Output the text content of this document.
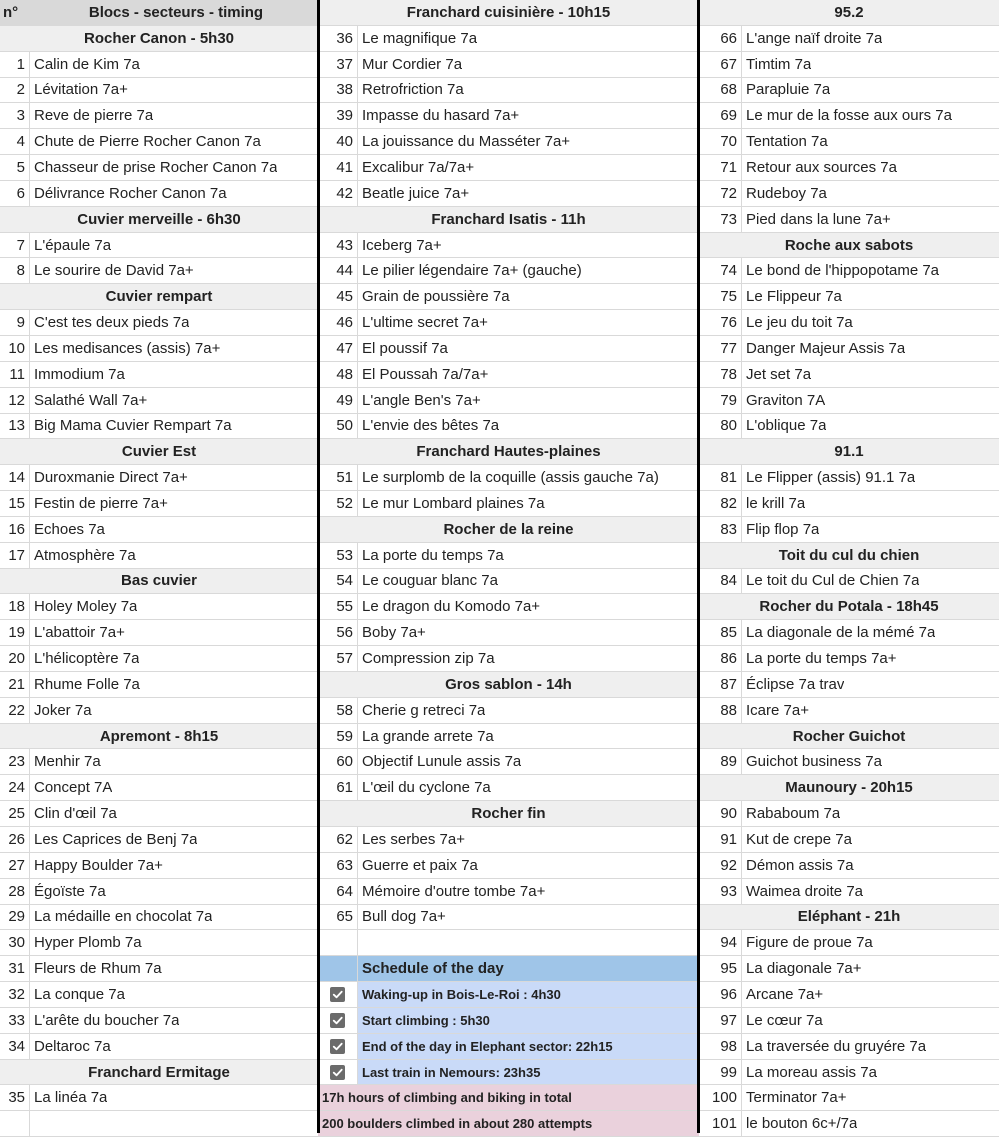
n°	Blocs - secteurs - timing
Rocher Canon - 5h30
1 Calin de Kim 7a
2 Lévitation 7a+
3 Reve de pierre 7a
4 Chute de Pierre Rocher Canon 7a
5 Chasseur de prise Rocher Canon 7a
6 Délivrance Rocher Canon 7a
Cuvier merveille - 6h30
7 L'épaule 7a
8 Le sourire de David 7a+
Cuvier rempart
9 C'est tes deux pieds 7a
10 Les medisances (assis) 7a+
11 Immodium 7a
12 Salathé Wall 7a+
13 Big Mama Cuvier Rempart 7a
Cuvier Est
14 Duroxmanie Direct 7a+
15 Festin de pierre 7a+
16 Echoes 7a
17 Atmosphère 7a
Bas cuvier
18 Holey Moley 7a
19 L'abattoir 7a+
20 L'hélicoptère 7a
21 Rhume Folle 7a
22 Joker 7a
Apremont - 8h15
23 Menhir 7a
24 Concept 7A
25 Clin d'œil 7a
26 Les Caprices de Benj 7a
27 Happy Boulder 7a+
28 Égoïste 7a
29 La médaille en chocolat 7a
30 Hyper Plomb 7a
31 Fleurs de Rhum 7a
32 La conque 7a
33 L'arête du boucher 7a
34 Deltaroc 7a
Franchard Ermitage
35 La linéa 7a
Franchard cuisinière - 10h15
36 Le magnifique 7a
37 Mur Cordier 7a
38 Retrofriction 7a
39 Impasse du hasard 7a+
40 La jouissance du Masséter 7a+
41 Excalibur 7a/7a+
42 Beatle juice 7a+
Franchard Isatis - 11h
43 Iceberg 7a+
44 Le pilier légendaire 7a+ (gauche)
45 Grain de poussière 7a
46 L'ultime secret 7a+
47 El poussif 7a
48 El Poussah 7a/7a+
49 L'angle Ben's 7a+
50 L'envie des bêtes 7a
Franchard Hautes-plaines
51 Le surplomb de la coquille (assis gauche 7a)
52 Le mur Lombard plaines 7a
Rocher de la reine
53 La porte du temps 7a
54 Le couguar blanc 7a
55 Le dragon du Komodo 7a+
56 Boby 7a+
57 Compression zip 7a
Gros sablon - 14h
58 Cherie g retreci 7a
59 La grande arrete 7a
60 Objectif Lunule assis 7a
61 L'œil du cyclone 7a
Rocher fin
62 Les serbes 7a+
63 Guerre et paix 7a
64 Mémoire d'outre tombe 7a+
65 Bull dog 7a+
Schedule of the day
Waking-up in Bois-Le-Roi : 4h30
Start climbing : 5h30
End of the day in Elephant sector: 22h15
Last train in Nemours: 23h35
17h hours of climbing and biking in total
200 boulders climbed in about 280 attempts
95.2
66 L'ange naïf droite 7a
67 Timtim 7a
68 Parapluie 7a
69 Le mur de la fosse aux ours 7a
70 Tentation 7a
71 Retour aux sources 7a
72 Rudeboy 7a
73 Pied dans la lune 7a+
Roche aux sabots
74 Le bond de l'hippopotame 7a
75 Le Flippeur 7a
76 Le jeu du toit 7a
77 Danger Majeur Assis 7a
78 Jet set 7a
79 Graviton 7A
80 L'oblique 7a
91.1
81 Le Flipper (assis) 91.1 7a
82 le krill 7a
83 Flip flop 7a
Toit du cul du chien
84 Le toit du Cul de Chien 7a
Rocher du Potala - 18h45
85 La diagonale de la mémé 7a
86 La porte du temps 7a+
87 Éclipse 7a trav
88 Icare 7a+
Rocher Guichot
89 Guichot business 7a
Maunoury - 20h15
90 Rababoum 7a
91 Kut de crepe 7a
92 Démon assis 7a
93 Waimea droite 7a
Eléphant - 21h
94 Figure de proue 7a
95 La diagonale 7a+
96 Arcane 7a+
97 Le cœur 7a
98 La traversée du gruyére 7a
99 La moreau assis 7a
100 Terminator 7a+
101 le bouton 6c+/7a
